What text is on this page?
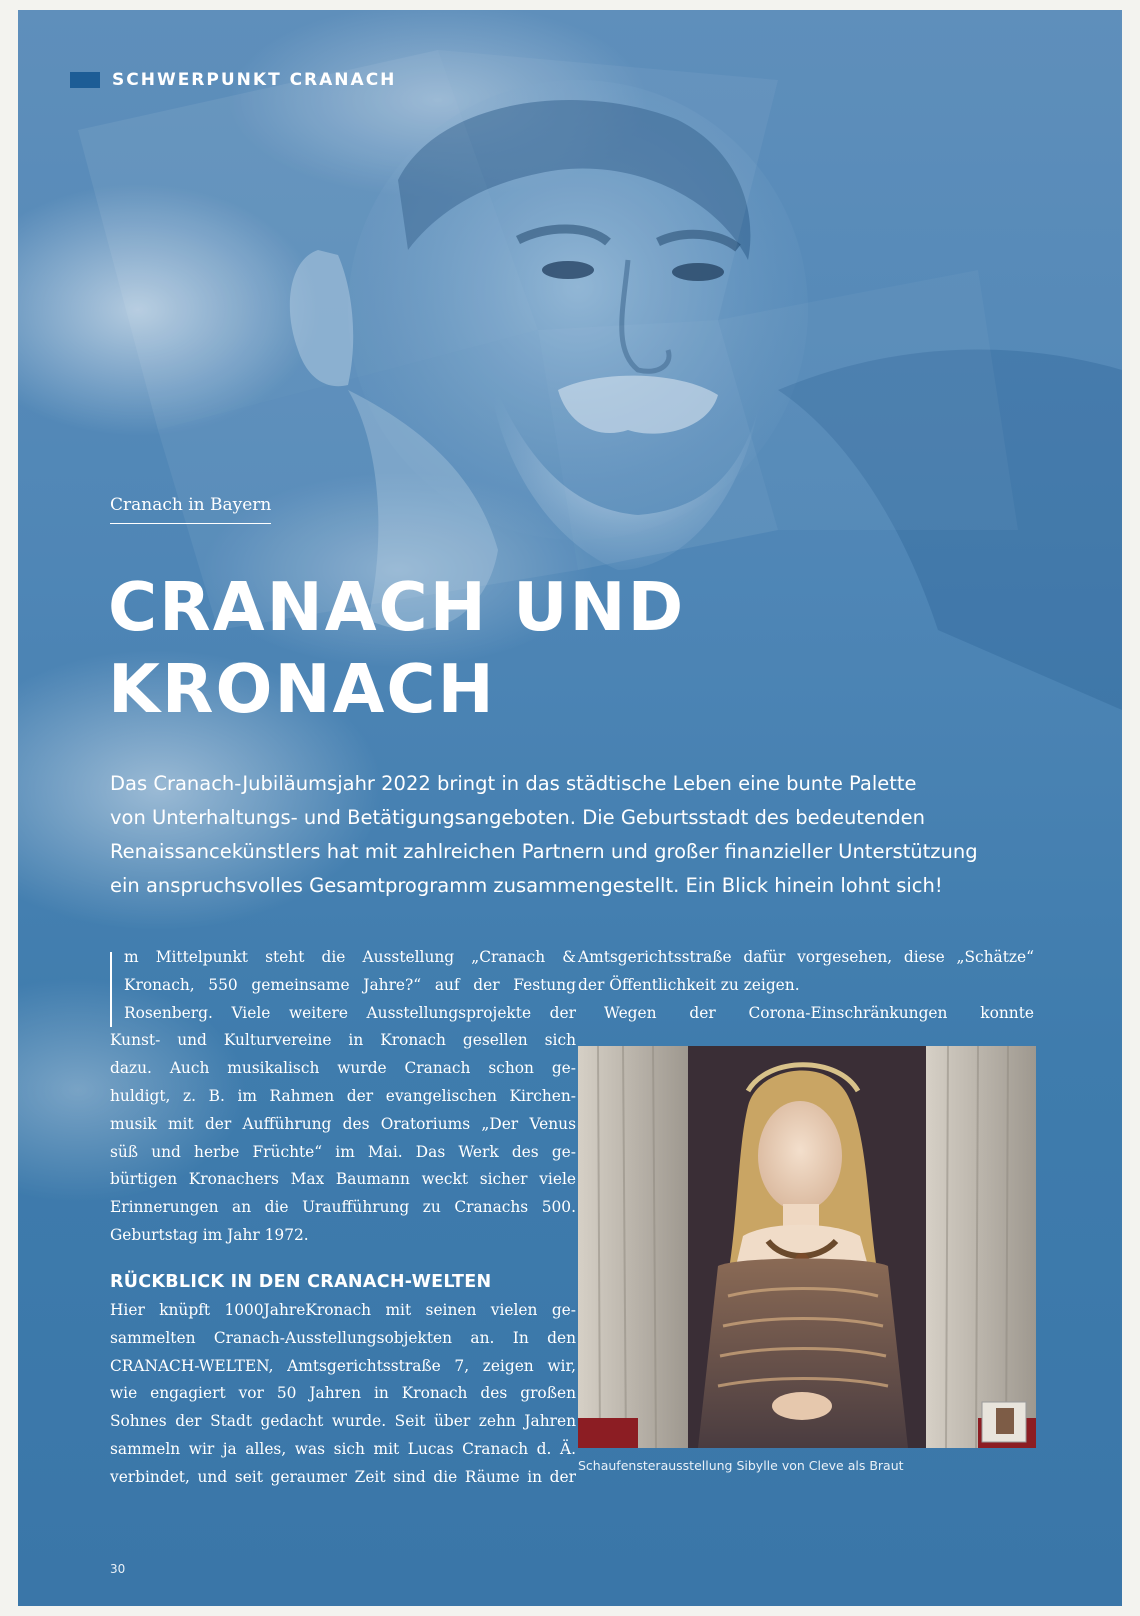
SCHWERPUNKT CRANACH
Cranach in Bayern
CRANACH UND
KRONACH

Das Cranach-Jubiläumsjahr 2022 bringt in das städtische Leben eine bunte Palette
von Unterhaltungs- und Betätigungsangeboten. Die Geburtsstadt des bedeutenden
Renaissancekünstlers hat mit zahlreichen Partnern und großer finanzieller Unterstützung
ein anspruchsvolles Gesamtprogramm zusammengestellt. Ein Blick hinein lohnt sich!

m Mittelpunkt steht die Ausstellung „Cranach &
Kronach, 550 gemeinsame Jahre?“ auf der Festung
Rosenberg. Viele weitere Ausstellungsprojekte der
Kunst- und Kulturvereine in Kronach gesellen sich
dazu. Auch musikalisch wurde Cranach schon ge-
huldigt, z. B. im Rahmen der evangelischen Kirchen-
musik mit der Aufführung des Oratoriums „Der Venus
süß und herbe Früchte“ im Mai. Das Werk des ge-
bürtigen Kronachers Max Baumann weckt sicher viele
Erinnerungen an die Uraufführung zu Cranachs 500.
Geburtstag im Jahr 1972.
RÜCKBLICK IN DEN CRANACH-WELTEN
Hier knüpft 1000JahreKronach mit seinen vielen ge-
sammelten Cranach-Ausstellungsobjekten an. In den
CRANACH-WELTEN, Amtsgerichtsstraße 7, zeigen wir,
wie engagiert vor 50 Jahren in Kronach des großen
Sohnes der Stadt gedacht wurde. Seit über zehn Jahren
sammeln wir ja alles, was sich mit Lucas Cranach d. Ä.
verbindet, und seit geraumer Zeit sind die Räume in der
Amtsgerichtsstraße dafür vorgesehen, diese „Schätze“
der Öffentlichkeit zu zeigen.
Wegen der Corona-Einschränkungen konnte
Schaufensterausstellung Sibylle von Cleve als Braut
30
